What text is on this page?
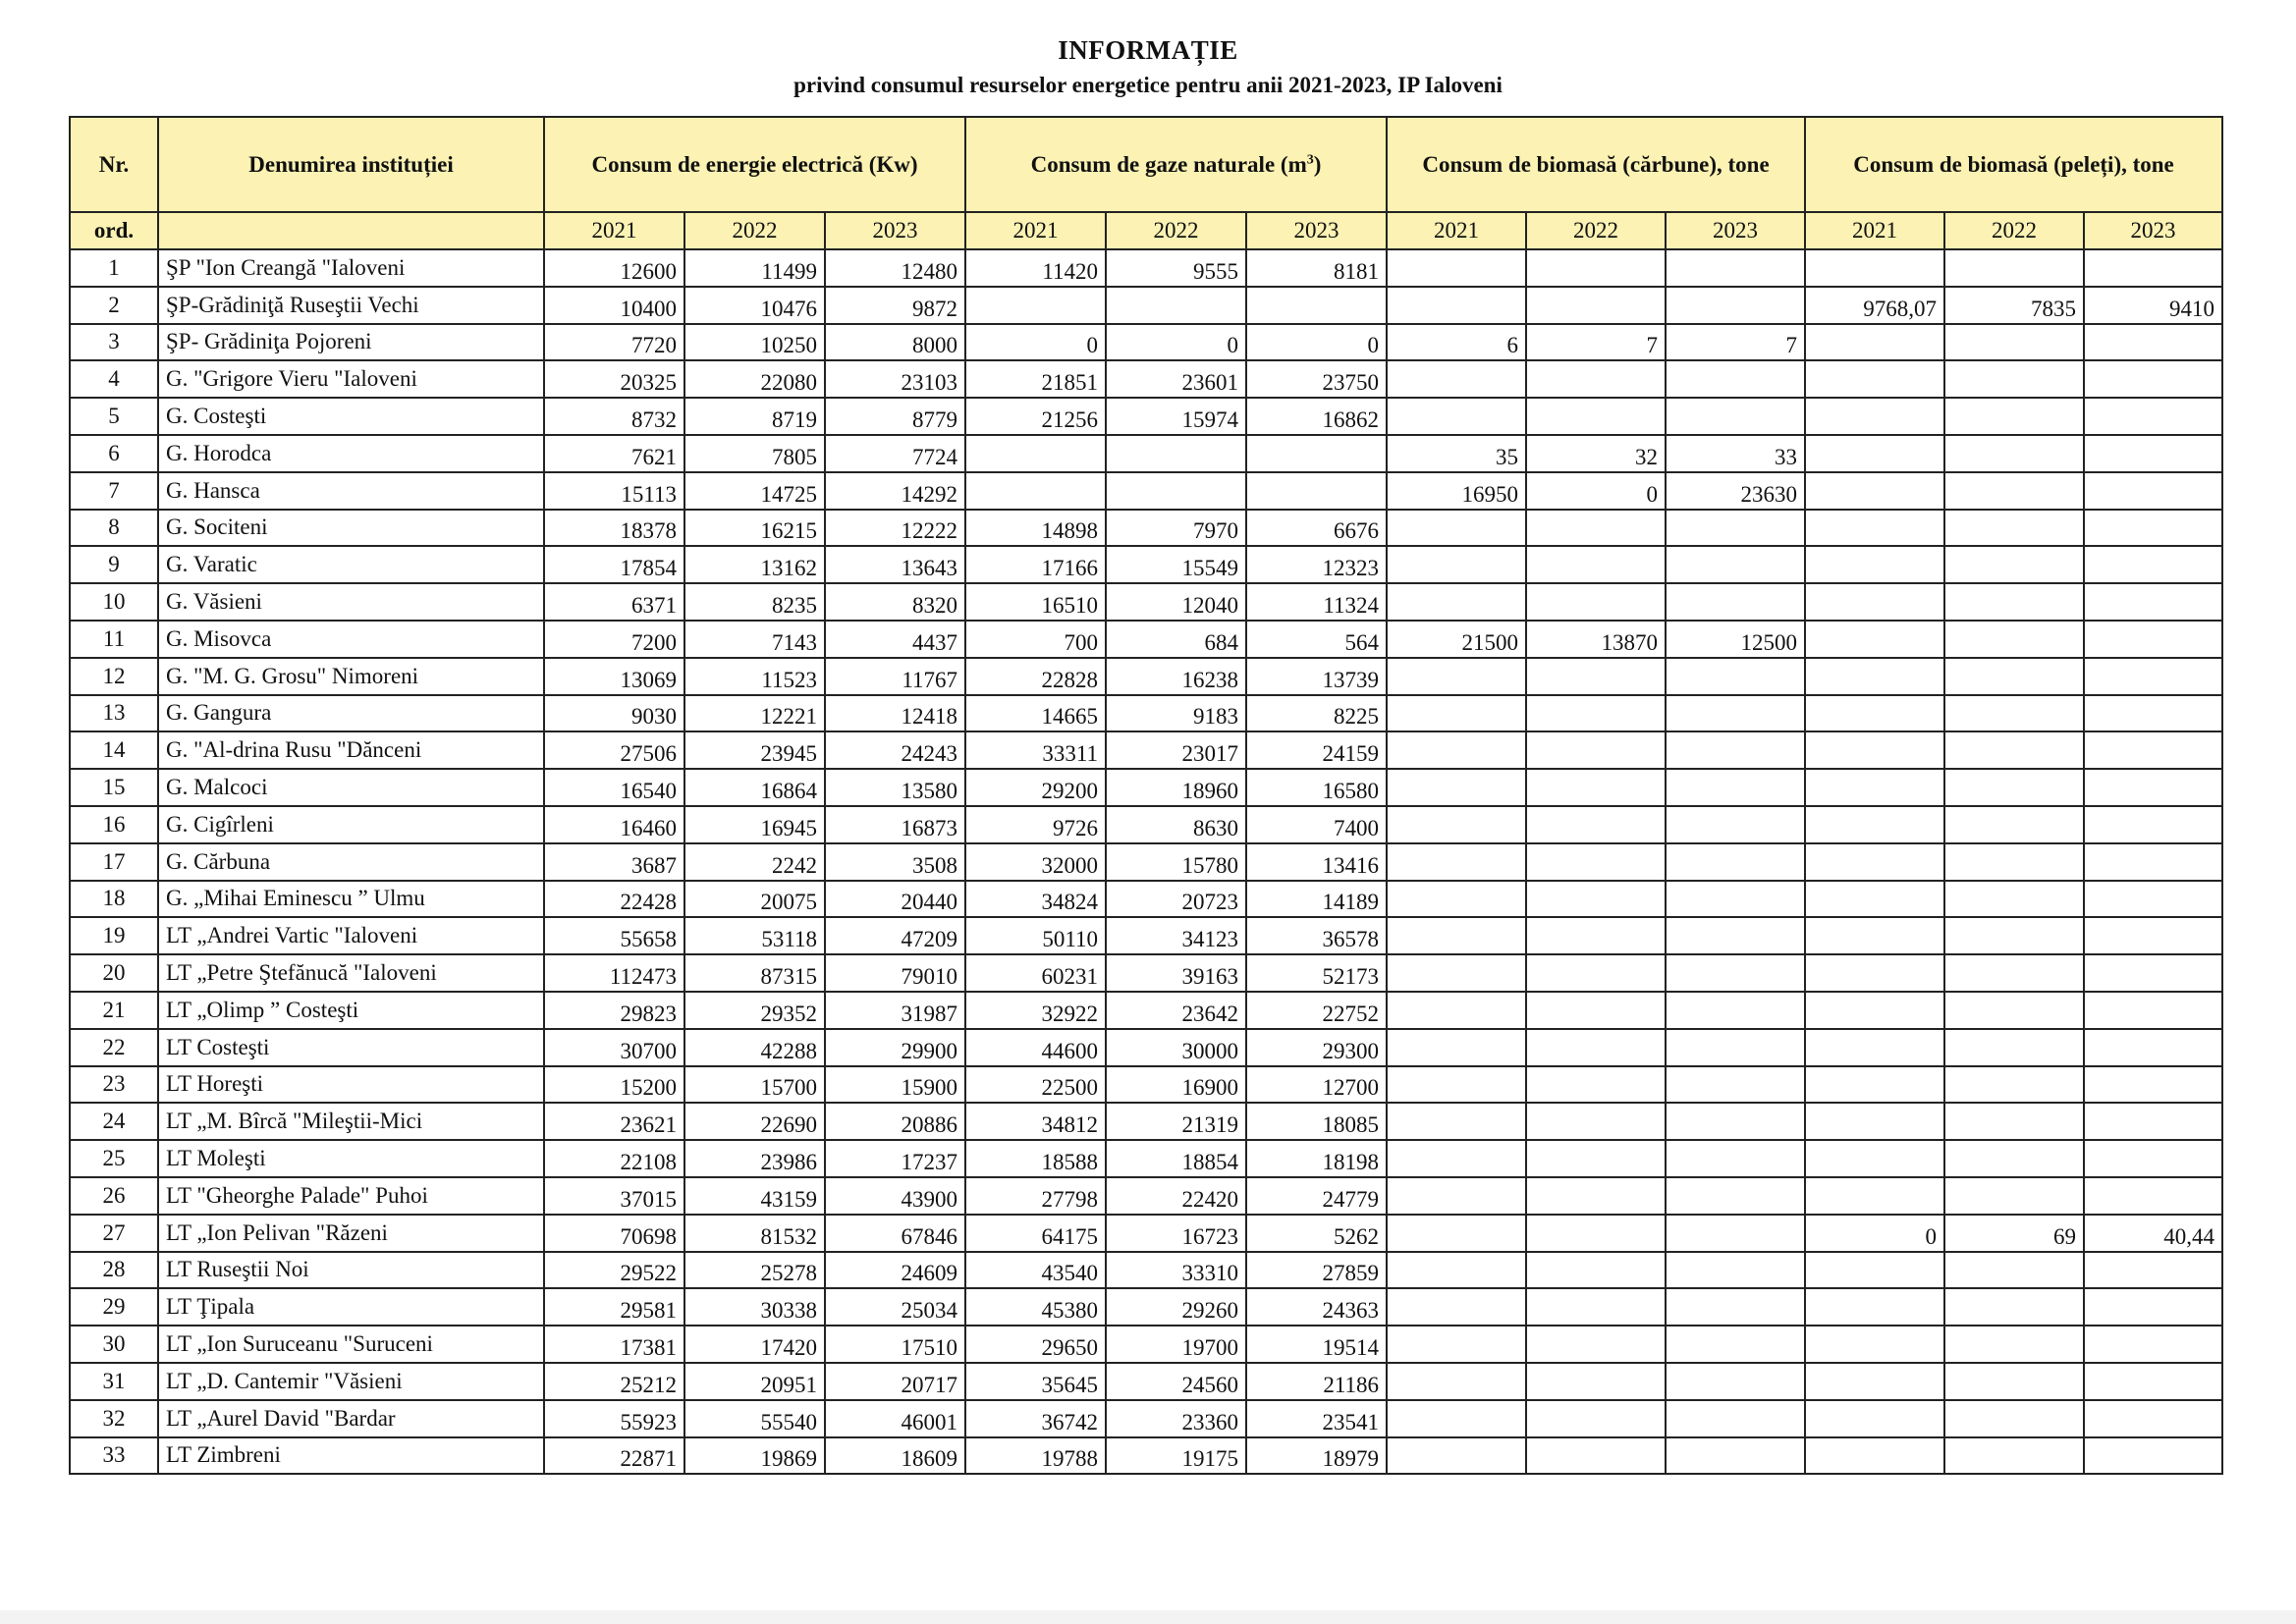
INFORMAȚIE
privind consumul resurselor energetice pentru anii 2021-2023, IP Ialoveni
Nr.	Denumirea instituției	Consum de energie electrică (Kw)			Consum de gaze naturale $(m^3)$			Consum de biomasă (cărbune), tone			Consum de biomasă (peleți), tone		
ord.		2021	2022	2023	2021	2022	2023	2021	2022	2023	2021	2022	2023
1	ŞP "Ion Creangă "Ialoveni	12600	11499	12480	11420	9555	8181						
2	ŞP-Grădiniţă Ruseştii Vechi	10400	10476	9872							9768,07	7835	9410
3	ŞP- Grădiniţa Pojoreni	7720	10250	8000	0	0	0	6	7	7			
4	G. "Grigore Vieru "Ialoveni	20325	22080	23103	21851	23601	23750						
5	G. Costeşti	8732	8719	8779	21256	15974	16862						
6	G. Horodca	7621	7805	7724				35	32	33			
7	G. Hansca	15113	14725	14292				16950	0	23630			
8	G. Sociteni	18378	16215	12222	14898	7970	6676						
9	G. Varatic	17854	13162	13643	17166	15549	12323						
10	G. Văsieni	6371	8235	8320	16510	12040	11324						
11	G. Misovca	7200	7143	4437	700	684	564	21500	13870	12500			
12	G. "M. G. Grosu" Nimoreni	13069	11523	11767	22828	16238	13739						
13	G. Gangura	9030	12221	12418	14665	9183	8225						
14	G. "Al-drina Rusu "Dănceni	27506	23945	24243	33311	23017	24159						
15	G. Malcoci	16540	16864	13580	29200	18960	16580						
16	G. Cigîrleni	16460	16945	16873	9726	8630	7400						
17	G. Cărbuna	3687	2242	3508	32000	15780	13416						
18	G. „Mihai Eminescu ” Ulmu	22428	20075	20440	34824	20723	14189						
19	LT „Andrei Vartic "Ialoveni	55658	53118	47209	50110	34123	36578						
20	LT „Petre Ştefănucă "Ialoveni	112473	87315	79010	60231	39163	52173						
21	LT „Olimp ” Costeşti	29823	29352	31987	32922	23642	22752						
22	LT Costeşti	30700	42288	29900	44600	30000	29300						
23	LT Horeşti	15200	15700	15900	22500	16900	12700						
24	LT „M. Bîrcă "Mileştii-Mici	23621	22690	20886	34812	21319	18085						
25	LT Moleşti	22108	23986	17237	18588	18854	18198						
26	LT "Gheorghe Palade" Puhoi	37015	43159	43900	27798	22420	24779						
27	LT „Ion Pelivan "Răzeni	70698	81532	67846	64175	16723	5262				0	69	40,44
28	LT Ruseştii Noi	29522	25278	24609	43540	33310	27859						
29	LT Ţipala	29581	30338	25034	45380	29260	24363						
30	LT „Ion Suruceanu "Suruceni	17381	17420	17510	29650	19700	19514						
31	LT „D. Cantemir "Văsieni	25212	20951	20717	35645	24560	21186						
32	LT „Aurel David "Bardar	55923	55540	46001	36742	23360	23541						
33	LT Zimbreni	22871	19869	18609	19788	19175	18979						
